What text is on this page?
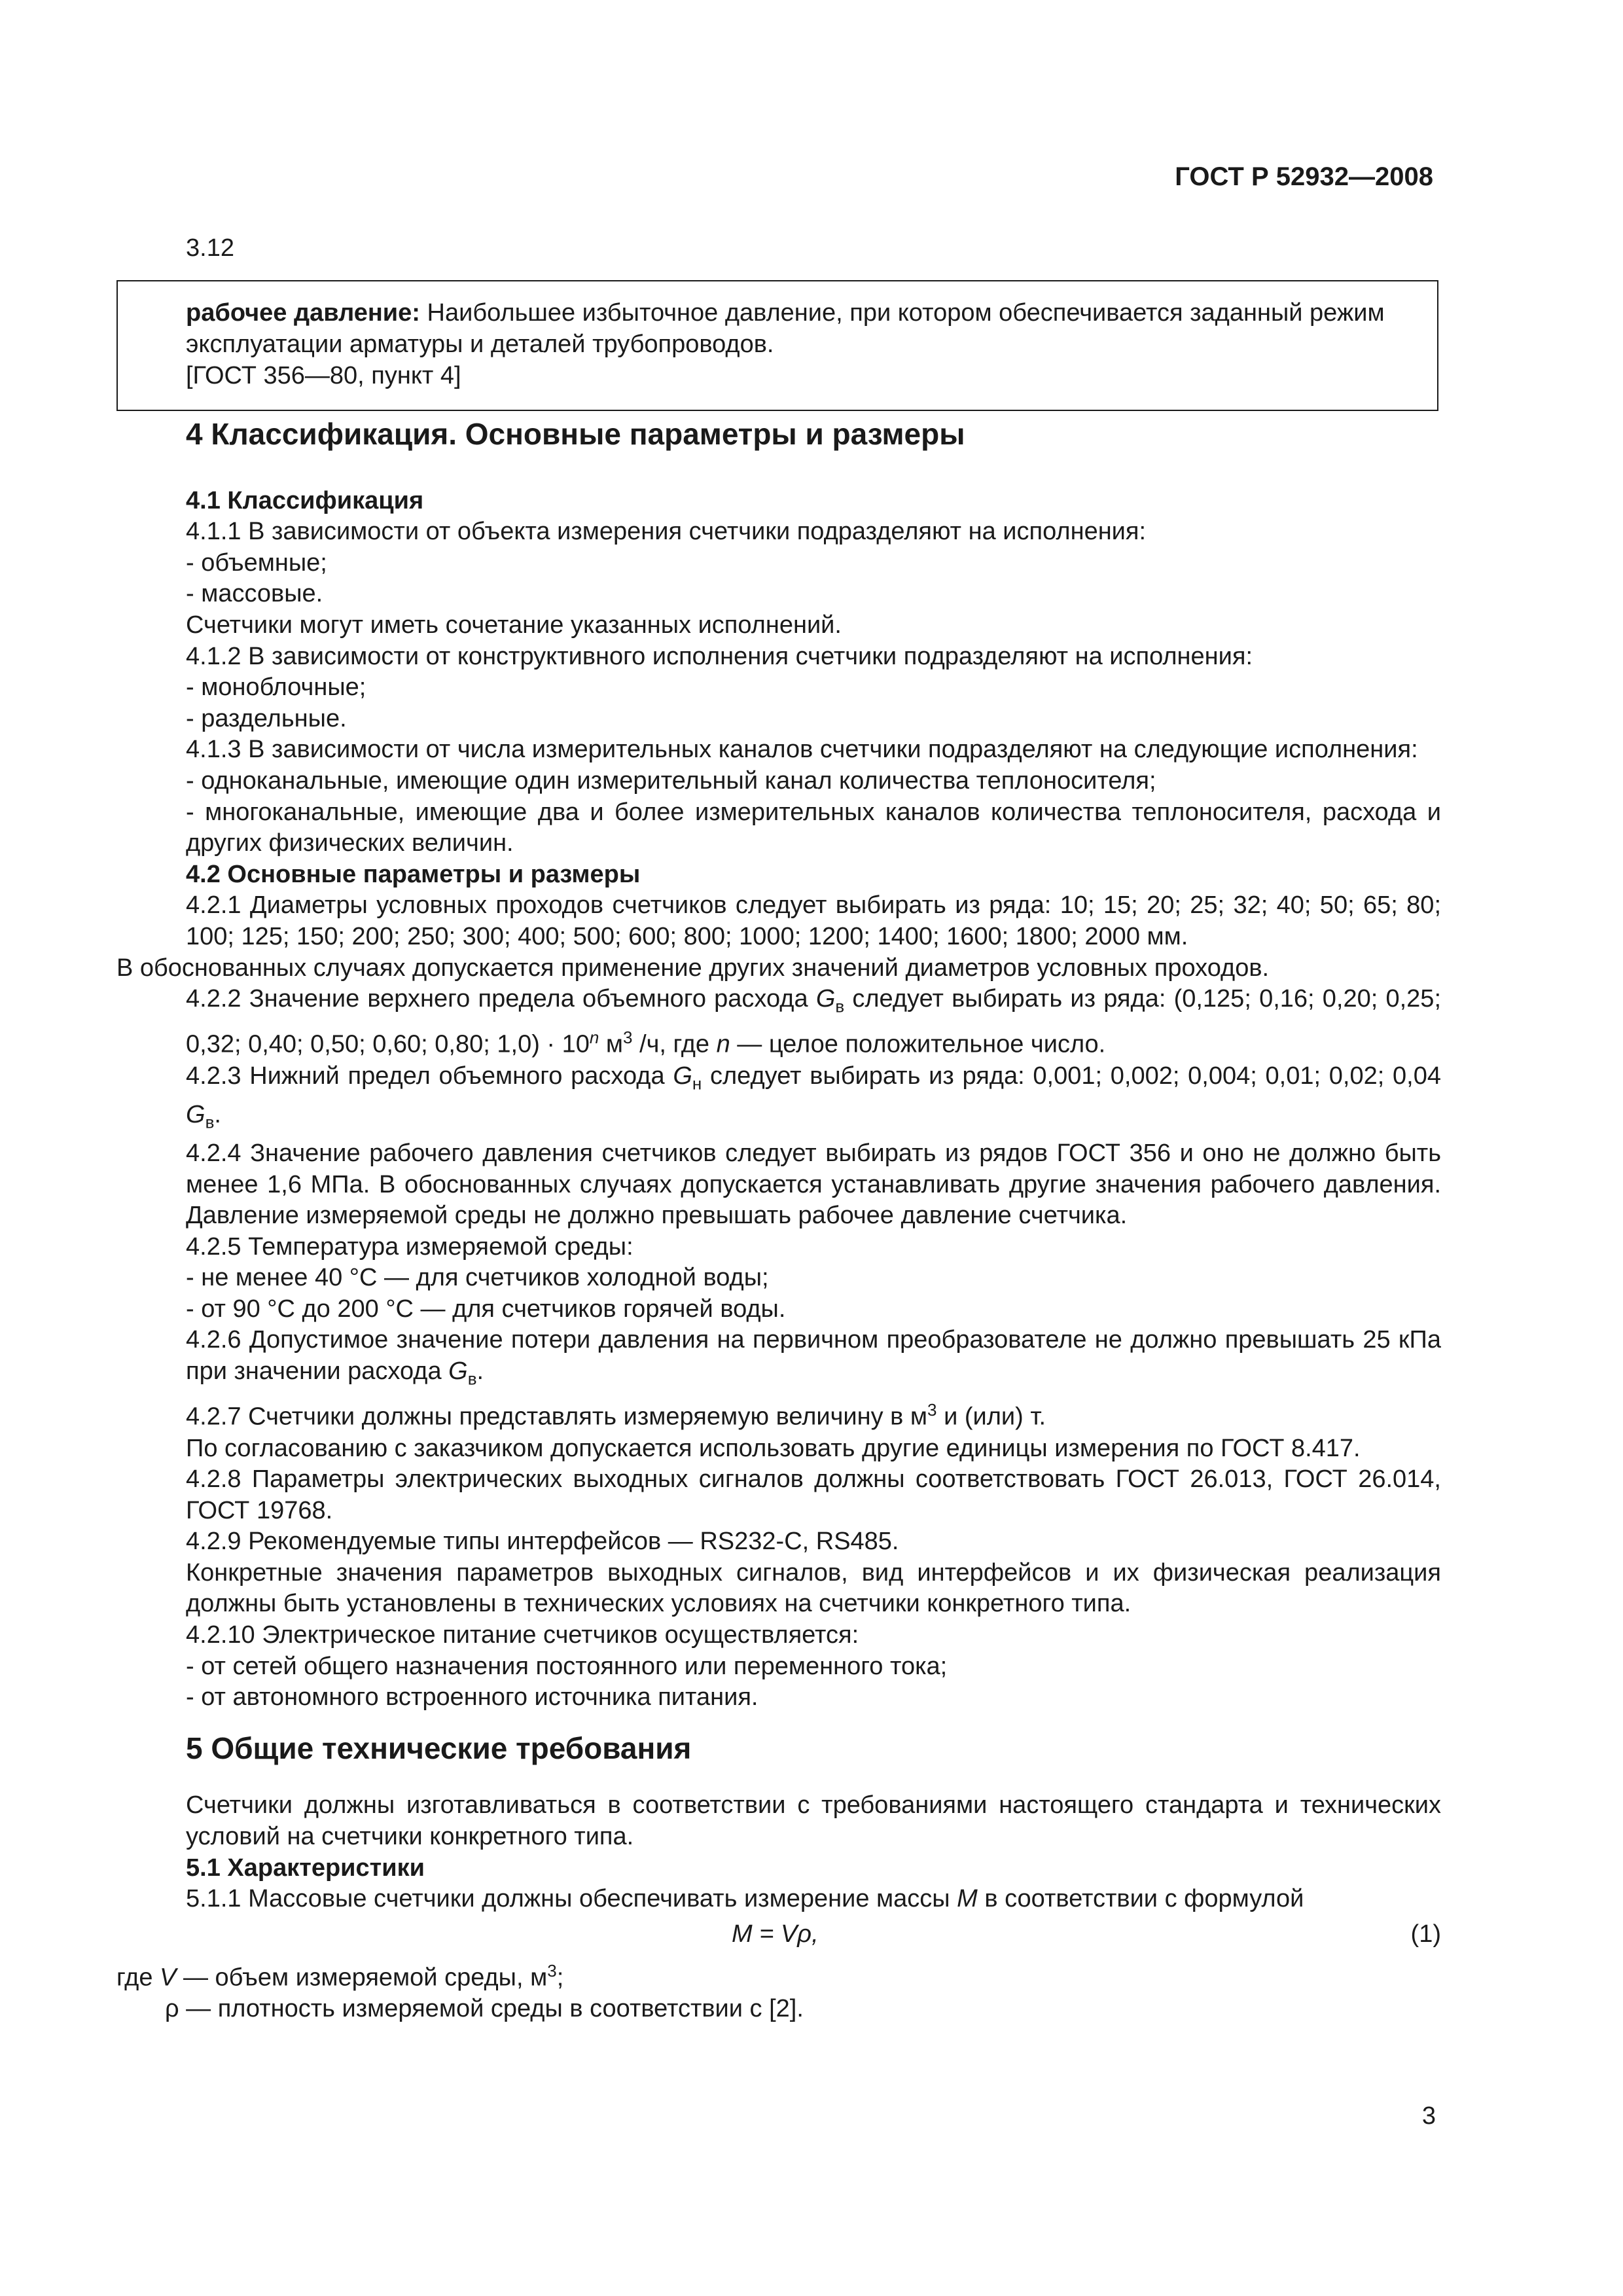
ГОСТ Р 52932—2008
3.12

рабочее давление: Наибольшее избыточное давление, при котором обеспечивается заданный режим эксплуатации арматуры и деталей трубопроводов.

[ГОСТ 356—80, пункт 4]

4 Классификация. Основные параметры и размеры

4.1 Классификация

4.1.1 В зависимости от объекта измерения счетчики подразделяют на исполнения:

- объемные;

- массовые.

Счетчики могут иметь сочетание указанных исполнений.

4.1.2 В зависимости от конструктивного исполнения счетчики подразделяют на исполнения:

- моноблочные;

- раздельные.

4.1.3 В зависимости от числа измерительных каналов счетчики подразделяют на следующие исполнения:

- одноканальные, имеющие один измерительный канал количества теплоносителя;

- многоканальные, имеющие два и более измерительных каналов количества теплоносителя, расхода и других физических величин.

4.2 Основные параметры и размеры

4.2.1 Диаметры условных проходов счетчиков следует выбирать из ряда: 10; 15; 20; 25; 32; 40; 50; 65; 80; 100; 125; 150; 200; 250; 300; 400; 500; 600; 800; 1000; 1200; 1400; 1600; 1800; 2000 мм.

В обоснованных случаях допускается применение других значений диаметров условных проходов.

4.2.2 Значение верхнего предела объемного расхода $G_в$ следует выбирать из ряда: (0,125; 0,16; 0,20; 0,25; 0,32; 0,40; 0,50; 0,60; 0,80; $1,0) \cdot 10^n$ $м^3$ /ч, где n — целое положительное число.

4.2.3 Нижний предел объемного расхода $G_н$ следует выбирать из ряда: 0,001; 0,002; 0,004; 0,01; 0,02; 0,04 $G_в$.

4.2.4 Значение рабочего давления счетчиков следует выбирать из рядов ГОСТ 356 и оно не должно быть менее 1,6 МПа. В обоснованных случаях допускается устанавливать другие значения рабочего давления. Давление измеряемой среды не должно превышать рабочее давление счетчика.

4.2.5 Температура измеряемой среды:

- не менее 40 °С — для счетчиков холодной воды;

- от 90 °С до 200 °С — для счетчиков горячей воды.

4.2.6 Допустимое значение потери давления на первичном преобразователе не должно превышать 25 кПа при значении расхода $G_в$.

4.2.7 Счетчики должны представлять измеряемую величину в $м^3$ и (или) т.

По согласованию с заказчиком допускается использовать другие единицы измерения по ГОСТ 8.417.

4.2.8 Параметры электрических выходных сигналов должны соответствовать ГОСТ 26.013, ГОСТ 26.014, ГОСТ 19768.

4.2.9 Рекомендуемые типы интерфейсов — RS232-C, RS485.

Конкретные значения параметров выходных сигналов, вид интерфейсов и их физическая реализация должны быть установлены в технических условиях на счетчики конкретного типа.

4.2.10 Электрическое питание счетчиков осуществляется:

- от сетей общего назначения постоянного или переменного тока;

- от автономного встроенного источника питания.

5 Общие технические требования

Счетчики должны изготавливаться в соответствии с требованиями настоящего стандарта и технических условий на счетчики конкретного типа.

5.1 Характеристики

5.1.1 Массовые счетчики должны обеспечивать измерение массы M в соответствии с формулой

M = Vρ,	(1)

где V — объем измеряемой среды, $м^3$;

ρ — плотность измеряемой среды в соответствии с [2].

3
